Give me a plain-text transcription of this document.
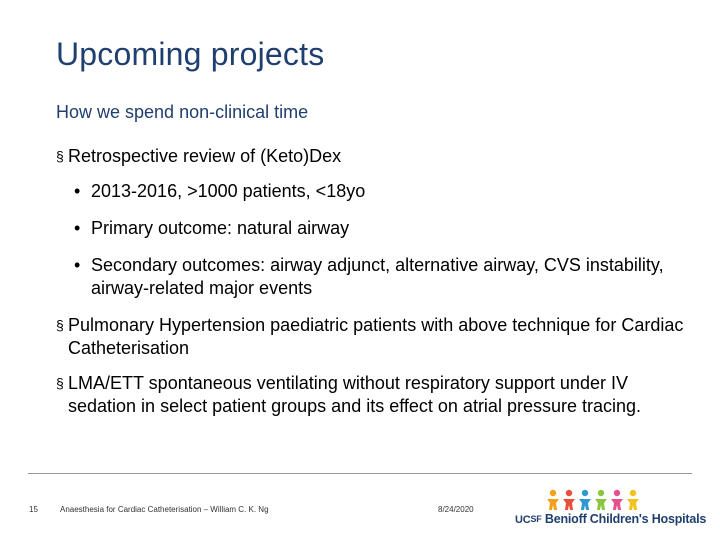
Upcoming projects
How we spend non-clinical time
§ Retrospective review of (Keto)Dex
• 2013-2016, >1000 patients, <18yo
• Primary outcome: natural airway
• Secondary outcomes: airway adjunct, alternative airway, CVS instability, airway-related major events
§ Pulmonary Hypertension paediatric patients with above technique for Cardiac Catheterisation
§ LMA/ETT spontaneous ventilating without respiratory support under IV sedation in select patient groups and its effect on atrial pressure tracing.
15	Anaesthesia for Cardiac Catheterisation – William C. K. Ng	8/24/2020
UCSF Benioff Children's Hospitals
